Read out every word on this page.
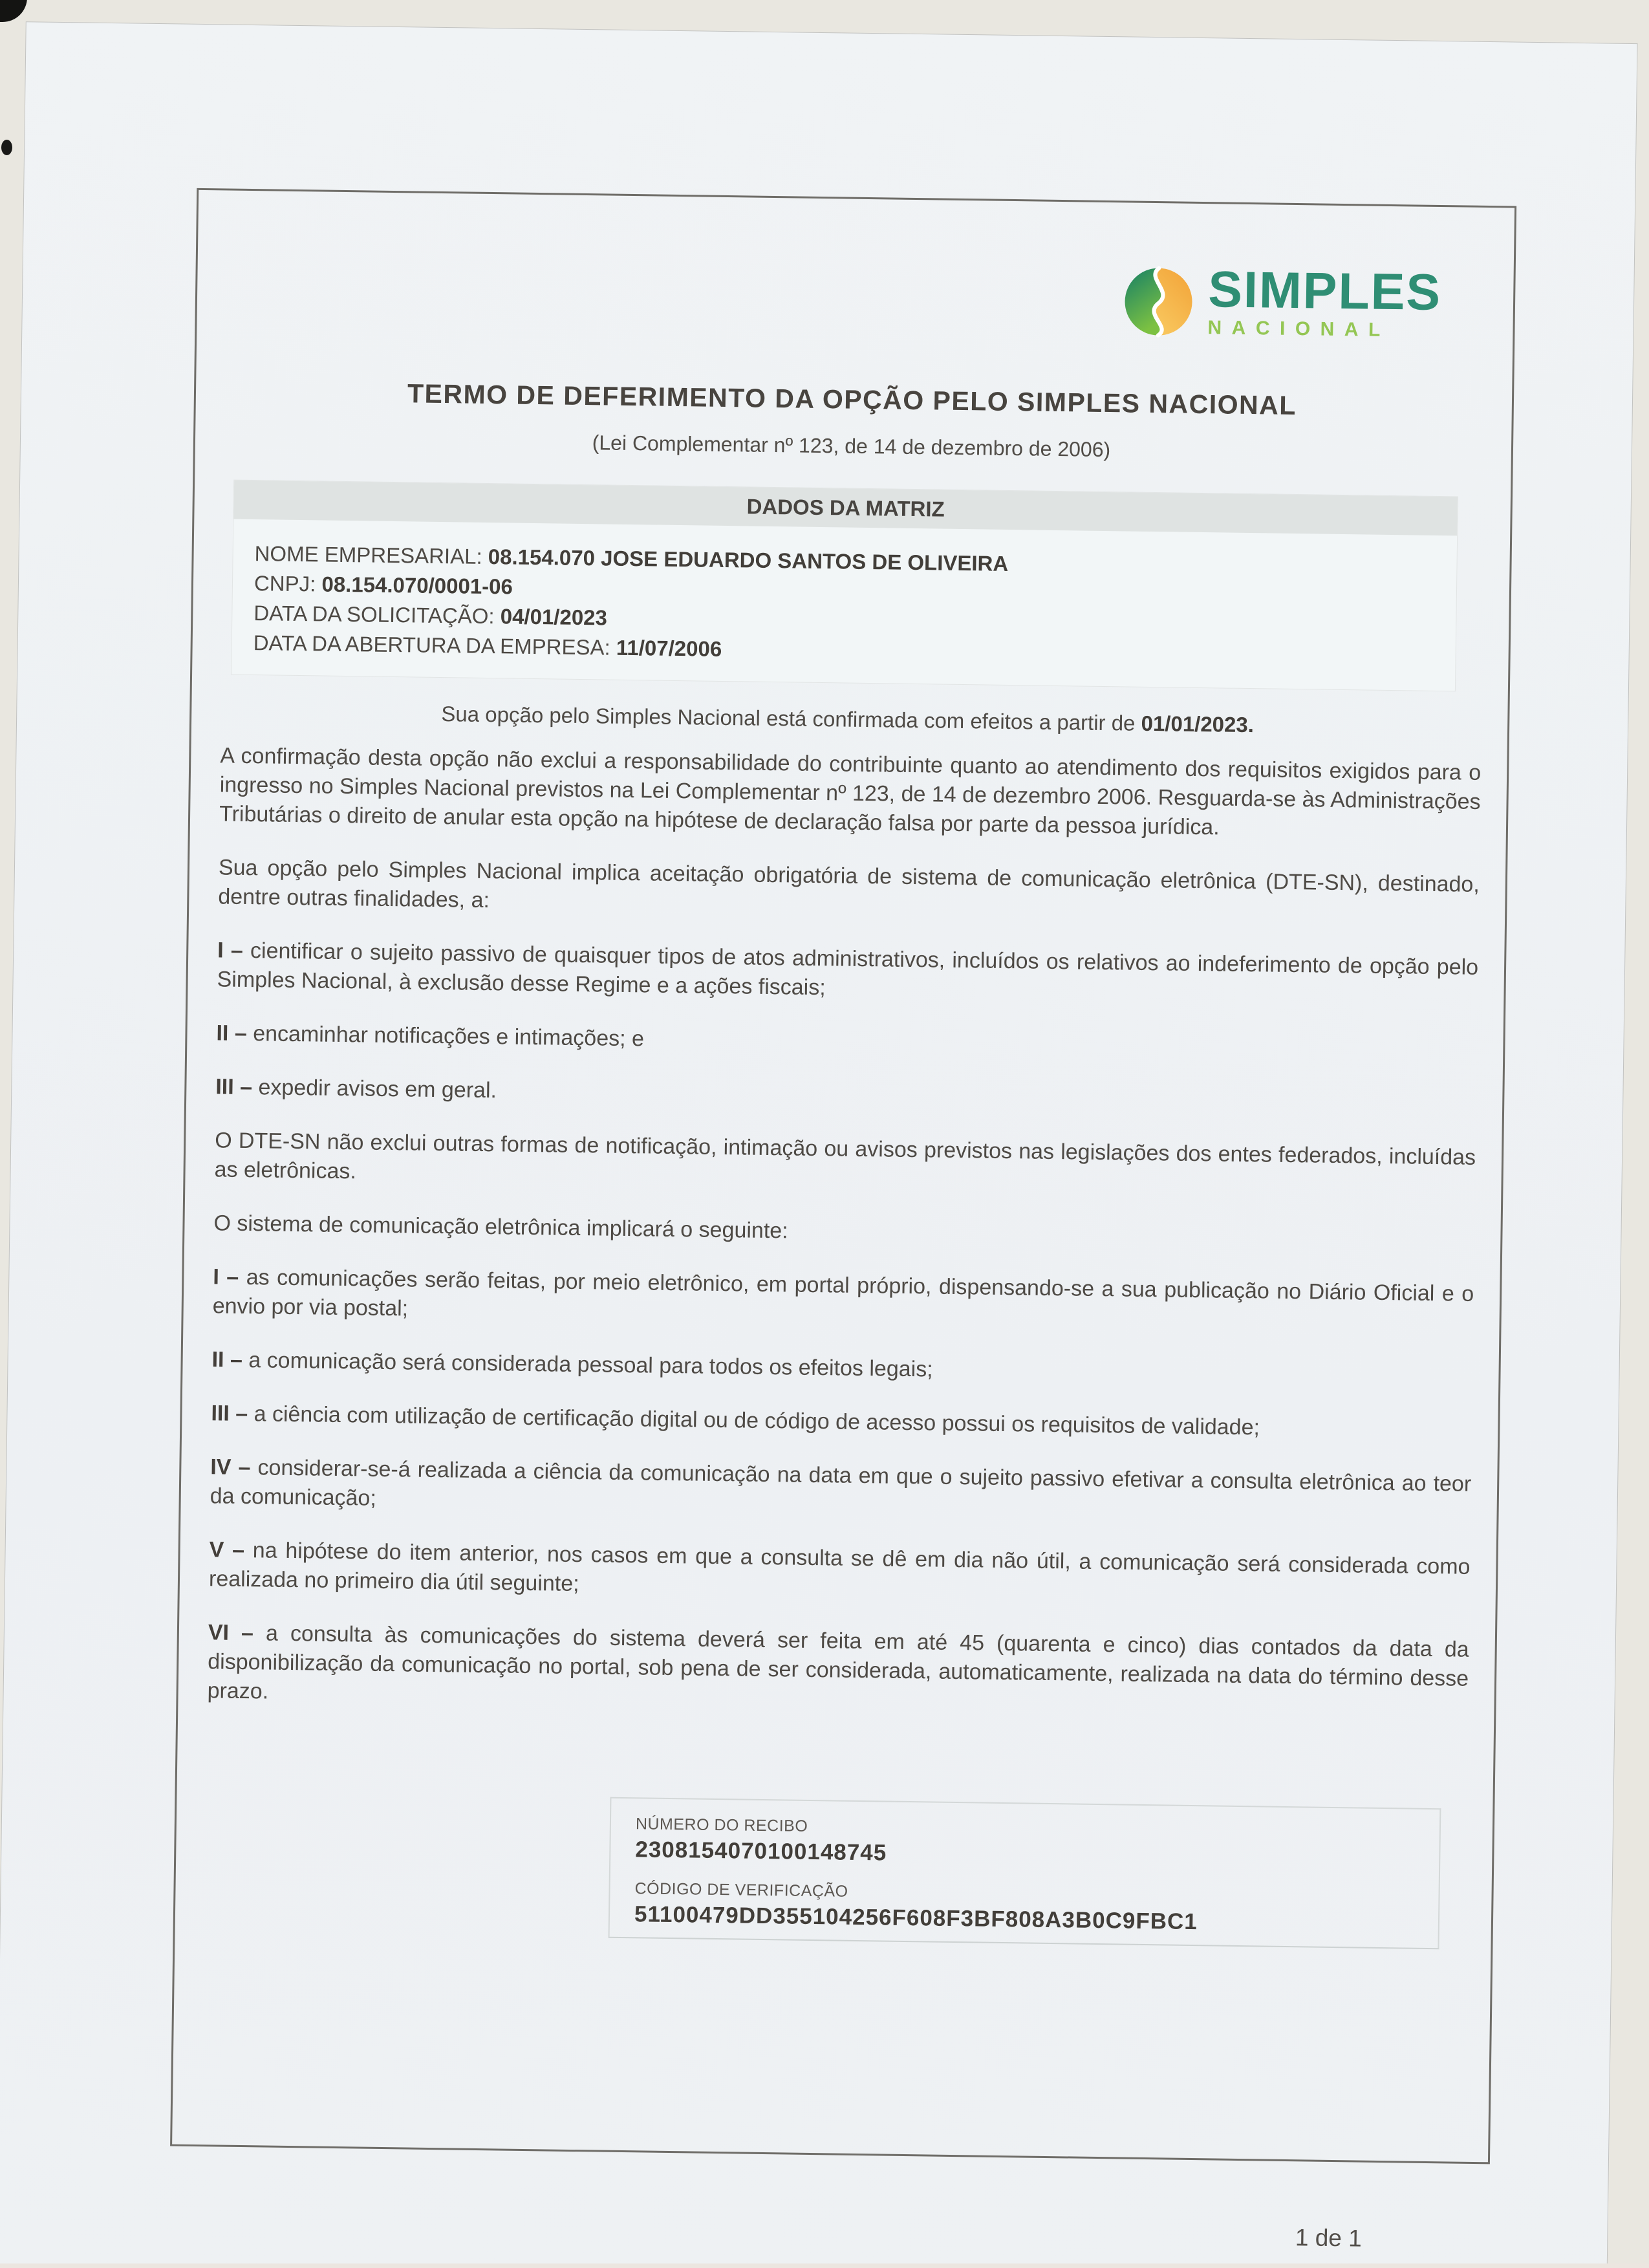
SIMPLES
NACIONAL
TERMO DE DEFERIMENTO DA OPÇÃO PELO SIMPLES NACIONAL

(Lei Complementar nº 123, de 14 de dezembro de 2006)

DADOS DA MATRIZ
NOME EMPRESARIAL: 08.154.070 JOSE EDUARDO SANTOS DE OLIVEIRA
CNPJ: 08.154.070/0001-06
DATA DA SOLICITAÇÃO: 04/01/2023
DATA DA ABERTURA DA EMPRESA: 11/07/2006
Sua opção pelo Simples Nacional está confirmada com efeitos a partir de 01/01/2023.

A confirmação desta opção não exclui a responsabilidade do contribuinte quanto ao atendimento dos requisitos exigidos para o ingresso no Simples Nacional previstos na Lei Complementar nº 123, de 14 de dezembro 2006. Resguarda-se às Administrações Tributárias o direito de anular esta opção na hipótese de declaração falsa por parte da pessoa jurídica.

Sua opção pelo Simples Nacional implica aceitação obrigatória de sistema de comunicação eletrônica (DTE-SN), destinado, dentre outras finalidades, a:

I – cientificar o sujeito passivo de quaisquer tipos de atos administrativos, incluídos os relativos ao indeferimento de opção pelo Simples Nacional, à exclusão desse Regime e a ações fiscais;

II – encaminhar notificações e intimações; e

III – expedir avisos em geral.

O DTE-SN não exclui outras formas de notificação, intimação ou avisos previstos nas legislações dos entes federados, incluídas as eletrônicas.

O sistema de comunicação eletrônica implicará o seguinte:

I – as comunicações serão feitas, por meio eletrônico, em portal próprio, dispensando-se a sua publicação no Diário Oficial e o envio por via postal;

II – a comunicação será considerada pessoal para todos os efeitos legais;

III – a ciência com utilização de certificação digital ou de código de acesso possui os requisitos de validade;

IV – considerar-se-á realizada a ciência da comunicação na data em que o sujeito passivo efetivar a consulta eletrônica ao teor da comunicação;

V – na hipótese do item anterior, nos casos em que a consulta se dê em dia não útil, a comunicação será considerada como realizada no primeiro dia útil seguinte;

VI – a consulta às comunicações do sistema deverá ser feita em até 45 (quarenta e cinco) dias contados da data da disponibilização da comunicação no portal, sob pena de ser considerada, automaticamente, realizada na data do término desse prazo.

NÚMERO DO RECIBO
2308154070100148745
CÓDIGO DE VERIFICAÇÃO
51100479DD355104256F608F3BF808A3B0C9FBC1
1 de 1
